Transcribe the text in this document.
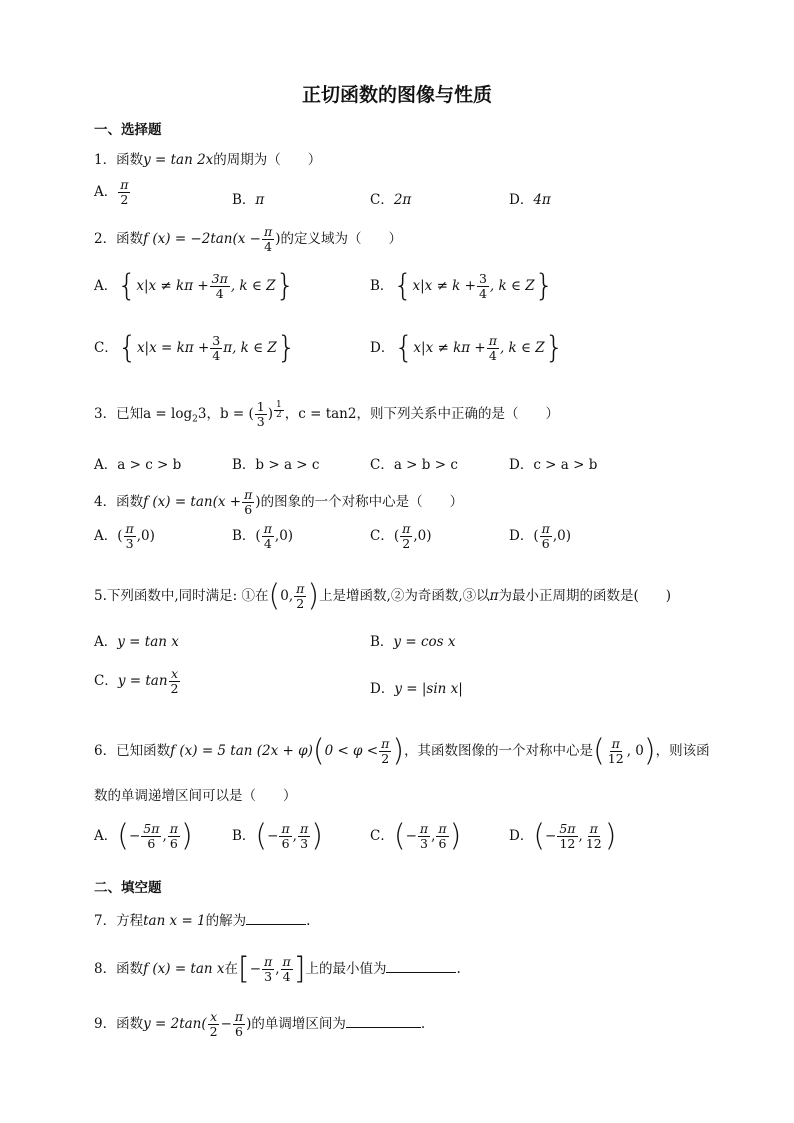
正切函数的图像与性质
一、选择题
1．函数y = tan 2x的周期为（　　）
A． $\frac{\pi}{2}$	B．π	C．2π	D．4π
2．函数f $(x) = -2\tan(x - \frac{\pi}{4}$ )的定义域为（　　）
A．{$x|x \ne k\pi + \frac{3\pi}{4}$ , k ∈ Z}	B．{$x|x \ne k + \frac{3}{4}$ , k ∈ Z}
C．{$x|x = k\pi + \frac{3}{4} \pi$, k ∈ Z}	D．{$x|x \ne k\pi + \frac{\pi}{4}$ , k ∈ Z}
3．已知$a = \log_23$，b = ( $\frac{1}{3}$ ) $^{\frac{1}{2}}$ ，c = tan2，则下列关系中正确的是（　　）
A．a > c > b	B．b > a > c	C．a > b > c	D．c > a > b
4．函数f $(x) = \tan(x + \frac{\pi}{6}$ )的图象的一个对称中心是（　　）
A．( $\frac{\pi}{3} ,0$)	B．( $\frac{\pi}{4} ,0$)	C．( $\frac{\pi}{2} ,0$)	D．( $\frac{\pi}{6} ,0$)
5.下列函数中,同时满足: ①在(0, $\frac{\pi}{2}$ )上是增函数,②为奇函数,③以π为最小正周期的函数是(　　)
A．y = tan x	B．y = cos x
C．$y = \tan \frac{x}{2}$	D．y = |sin x|
6．已知函数f (x) = 5 $\tan (2x + \varphi)(0 < \varphi < \frac{\pi}{2}$ )，其函数图像的一个对称中心是( $\frac{\pi}{12}$ , 0)，则该函
数的单调递增区间可以是（　　）
A．(− $\frac{5\pi}{6}$ , $\frac{\pi}{6}$ )	B．(− $\frac{\pi}{6}$ , $\frac{\pi}{3}$ )	C．(− $\frac{\pi}{3}$ , $\frac{\pi}{6}$ )	D．(− $\frac{5\pi}{12}$ , $\frac{\pi}{12}$ )
二、填空题
7．方程tan x = 1的解为	.
8．函数f (x) = tan x在[− $\frac{\pi}{3}$ , $\frac{\pi}{4}$ ]上的最小值为	.
9．函数$y = 2\tan( \frac{x}{2} - \frac{\pi}{6}$ )的单调增区间为	.
